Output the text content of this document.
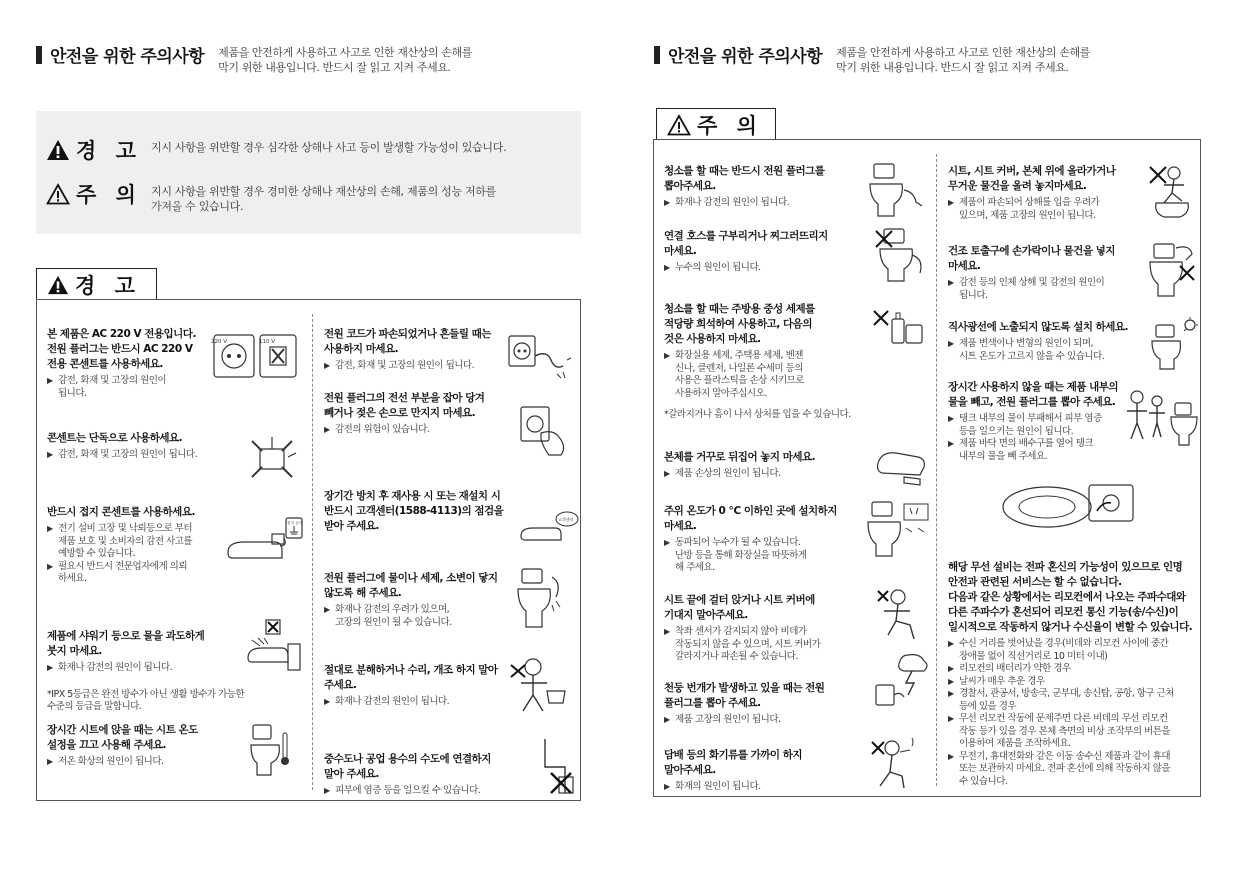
안전을 위한 주의사항 제품을 안전하게 사용하고 사고로 인한 재산상의 손해를
막기 위한 내용입니다. 반드시 잘 읽고 지켜 주세요.
경 고 지시 사항을 위반할 경우 심각한 상해나 사고 등이 발생할 가능성이 있습니다.
주 의 지시 사항을 위반할 경우 경미한 상해나 재산상의 손해, 제품의 성능 저하를
가져올 수 있습니다.
경 고
본 제품은 AC 220 V 전용입니다.
전원 플러그는 반드시 AC 220 V
전용 콘센트를 사용하세요.
▶ 감전, 화재 및 고장의 원인이
됩니다.
220 V	110 V
콘센트는 단독으로 사용하세요.
▶ 감전, 화재 및 고장의 원인이 됩니다.
반드시 접지 콘센트를 사용하세요.
▶ 전기 설비 고장 및 낙뢰등으로 부터
제품 보호 및 소비자의 감전 사고를
예방할 수 있습니다.
▶ 필요시 반드시 전문업자에게 의뢰
하세요.
접지 공사
제품에 샤워기 등으로 물을 과도하게
붓지 마세요.
▶ 화재나 감전의 원인이 됩니다.
*IPX 5등급은 완전 방수가 아닌 생활 방수가 가능한
수준의 등급을 말합니다.
장시간 시트에 앉을 때는 시트 온도
설정을 끄고 사용해 주세요.
▶ 저온 화상의 원인이 됩니다.
전원 코드가 파손되었거나 흔들릴 때는
사용하지 마세요.
▶ 감전, 화재 및 고장의 원인이 됩니다.
전원 플러그의 전선 부분을 잡아 당겨
빼거나 젖은 손으로 만지지 마세요.
▶ 감전의 위험이 있습니다.
장기간 방치 후 재사용 시 또는 재설치 시
반드시 고객센터(1588-4113)의 점검을
받아 주세요.
고객센터
전원 플러그에 물이나 세제, 소변이 닿지
않도록 해 주세요.
▶ 화재나 감전의 우려가 있으며,
고장의 원인이 될 수 있습니다.
절대로 분해하거나 수리, 개조 하지 말아
주세요.
▶ 화재나 감전의 원인이 됩니다.
중수도나 공업 용수의 수도에 연결하지
말아 주세요.
▶ 피부에 염증 등을 일으킬 수 있습니다.
안전을 위한 주의사항 제품을 안전하게 사용하고 사고로 인한 재산상의 손해를
막기 위한 내용입니다. 반드시 잘 읽고 지켜 주세요.
주 의
청소를 할 때는 반드시 전원 플러그를
뽑아주세요.
▶ 화재나 감전의 원인이 됩니다.
연결 호스를 구부리거나 찌그러뜨리지
마세요.
▶ 누수의 원인이 됩니다.
청소를 할 때는 주방용 중성 세제를
적당량 희석하여 사용하고, 다음의
것은 사용하지 마세요.
▶ 화장실용 세제, 주택용 세제, 벤젠
신나, 클렌저, 나일론 수세미 등의
사용은 플라스틱을 손상 시키므로
사용하지 말아주십시오.
*갈라지거나 흠이 나서 상처를 입을 수 있습니다.
본체를 거꾸로 뒤집어 놓지 마세요.
▶ 제품 손상의 원인이 됩니다.
주위 온도가 0 ℃ 이하인 곳에 설치하지
마세요.
▶ 동파되어 누수가 될 수 있습니다.
난방 등을 통해 화장실을 따뜻하게
해 주세요.
시트 끝에 걸터 앉거나 시트 커버에
기대지 말아주세요.
▶ 착좌 센서가 감지되지 않아 비데가
작동되지 않을 수 있으며, 시트 커버가
갈라지거나 파손될 수 있습니다.
천둥 번개가 발생하고 있을 때는 전원
플러그를 뽑아 주세요.
▶ 제품 고장의 원인이 됩니다.
담배 등의 화기류를 가까이 하지
말아주세요.
▶ 화재의 원인이 됩니다.
시트, 시트 커버, 본체 위에 올라가거나
무거운 물건을 올려 놓지마세요.
▶ 제품이 파손되어 상해를 입을 우려가
있으며, 제품 고장의 원인이 됩니다.
건조 토출구에 손가락이나 물건을 넣지
마세요.
▶ 감전 등의 인체 상해 및 감전의 원인이
됩니다.
직사광선에 노출되지 않도록 설치 하세요.
▶ 제품 변색이나 변형의 원인이 되며,
시트 온도가 고르지 않을 수 있습니다.
장시간 사용하지 않을 때는 제품 내부의
물을 빼고, 전원 플러그를 뽑아 주세요.
▶ 탱크 내부의 물이 부패해서 피부 염증
등을 일으키는 원인이 됩니다.
▶ 제품 바닥 면의 배수구를 열어 탱크
내부의 물을 빼 주세요.
해당 무선 설비는 전파 혼신의 가능성이 있으므로 인명
안전과 관련된 서비스는 할 수 없습니다.
다음과 같은 상황에서는 리모컨에서 나오는 주파수대와
다른 주파수가 혼선되어 리모컨 통신 기능(송/수신)이
일시적으로 작동하지 않거나 수신율이 변할 수 있습니다.
▶ 수신 거리를 벗어났을 경우(비데와 리모컨 사이에 중간
장애물 없이 직선거리로 10 미터 이내)
▶ 리모컨의 배터리가 약한 경우
▶ 날씨가 매우 추운 경우
▶ 경찰서, 관공서, 방송국, 군부대, 송신탑, 공항, 항구 근처
등에 있을 경우
▶ 무선 리모컨 작동에 문제주면 다른 비데의 무선 리모컨
작동 등가 있을 경우 본체 측면의 비상 조작부의 버튼을
이용하여 제품을 조작하세요.
▶ 무전기, 휴대전화와 같은 이동 송수신 제품과 같이 휴대
또는 보관하지 마세요. 전파 혼선에 의해 작동하지 않을
수 있습니다.
